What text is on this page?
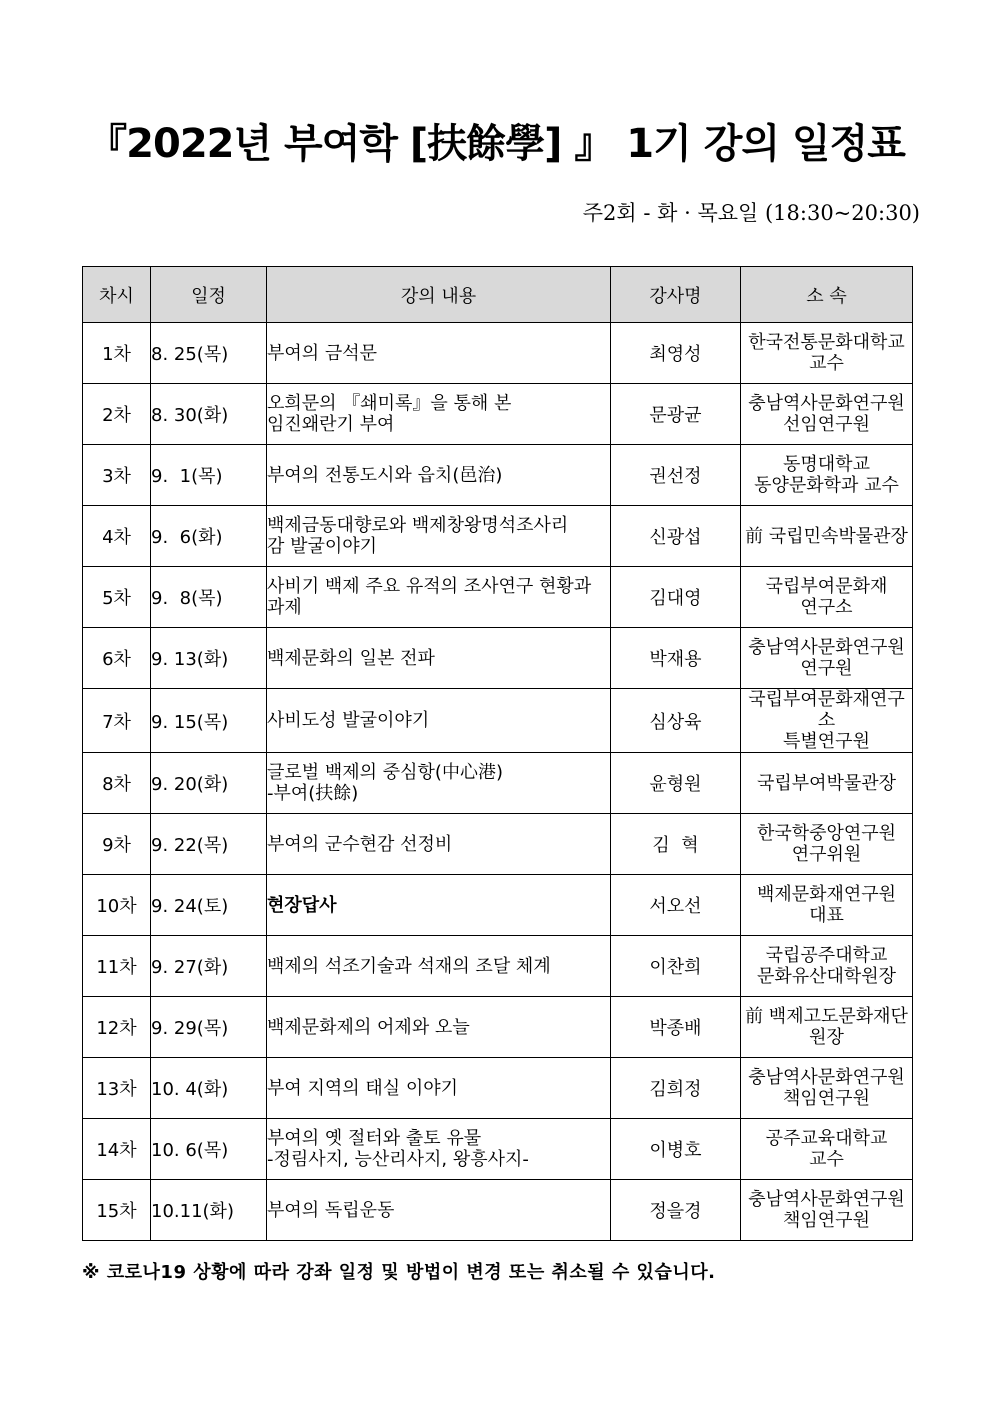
『2022년 부여학 [扶餘學] 』 1기 강의 일정표
주2회 - 화 · 목요일 (18:30~20:30)
차시	일정	강의 내용	강사명	소 속
1차	8. 25(목)	부여의 금석문	최영성	한국전통문화대학교
교수

2차	8. 30(화)	오희문의 『쇄미록』을 통해 본
임진왜란기 부여	문광균	충남역사문화연구원
선임연구원

3차	9.  1(목)	부여의 전통도시와 읍치(邑治)	권선정	동명대학교
동양문화학과 교수

4차	9.  6(화)	백제금동대향로와 백제창왕명석조사리
감 발굴이야기	신광섭	前 국립민속박물관장

5차	9.  8(목)	사비기 백제 주요 유적의 조사연구 현황과
과제	김대영	국립부여문화재
연구소

6차	9. 13(화)	백제문화의 일본 전파	박재용	충남역사문화연구원
연구원

7차	9. 15(목)	사비도성 발굴이야기	심상육	국립부여문화재연구소
특별연구원

8차	9. 20(화)	글로벌 백제의 중심항(中心港)
-부여(扶餘)	윤형원	국립부여박물관장

9차	9. 22(목)	부여의 군수현감 선정비	김  혁	한국학중앙연구원
연구위원

10차	9. 24(토)	현장답사	서오선	백제문화재연구원
대표

11차	9. 27(화)	백제의 석조기술과 석재의 조달 체계	이찬희	국립공주대학교
문화유산대학원장

12차	9. 29(목)	백제문화제의 어제와 오늘	박종배	前 백제고도문화재단
원장

13차	10. 4(화)	부여 지역의 태실 이야기	김희정	충남역사문화연구원
책임연구원

14차	10. 6(목)	부여의 옛 절터와 출토 유물
-정림사지, 능산리사지, 왕흥사지-	이병호	공주교육대학교
교수

15차	10.11(화)	부여의 독립운동	정을경	충남역사문화연구원
책임연구원
※ 코로나19 상황에 따라 강좌 일정 및 방법이 변경 또는 취소될 수 있습니다.
